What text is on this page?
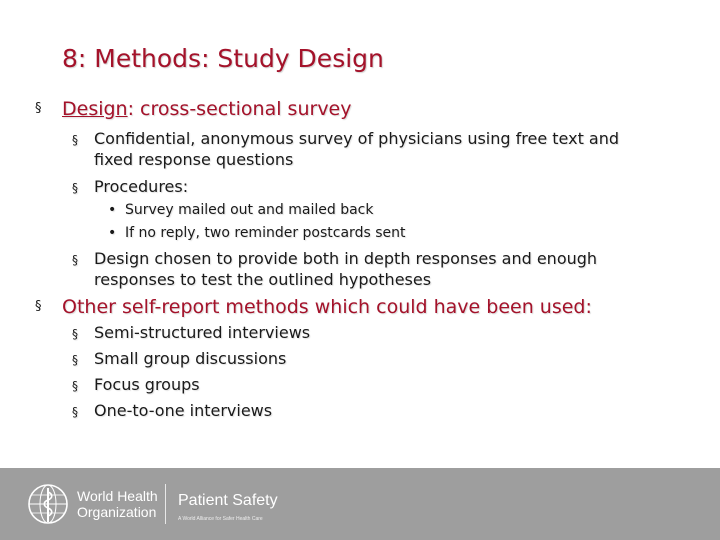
8: Methods: Study Design
§ Design: cross-sectional survey
§ Confidential, anonymous survey of physicians using free text and fixed response questions
§ Procedures:
• Survey mailed out and mailed back
• If no reply, two reminder postcards sent
§ Design chosen to provide both in depth responses and enough responses to test the outlined hypotheses
§ Other self-report methods which could have been used:
§ Semi-structured interviews
§ Small group discussions
§ Focus groups
§ One-to-one interviews
World Health Organization
Patient Safety
A World Alliance for Safer Health Care
